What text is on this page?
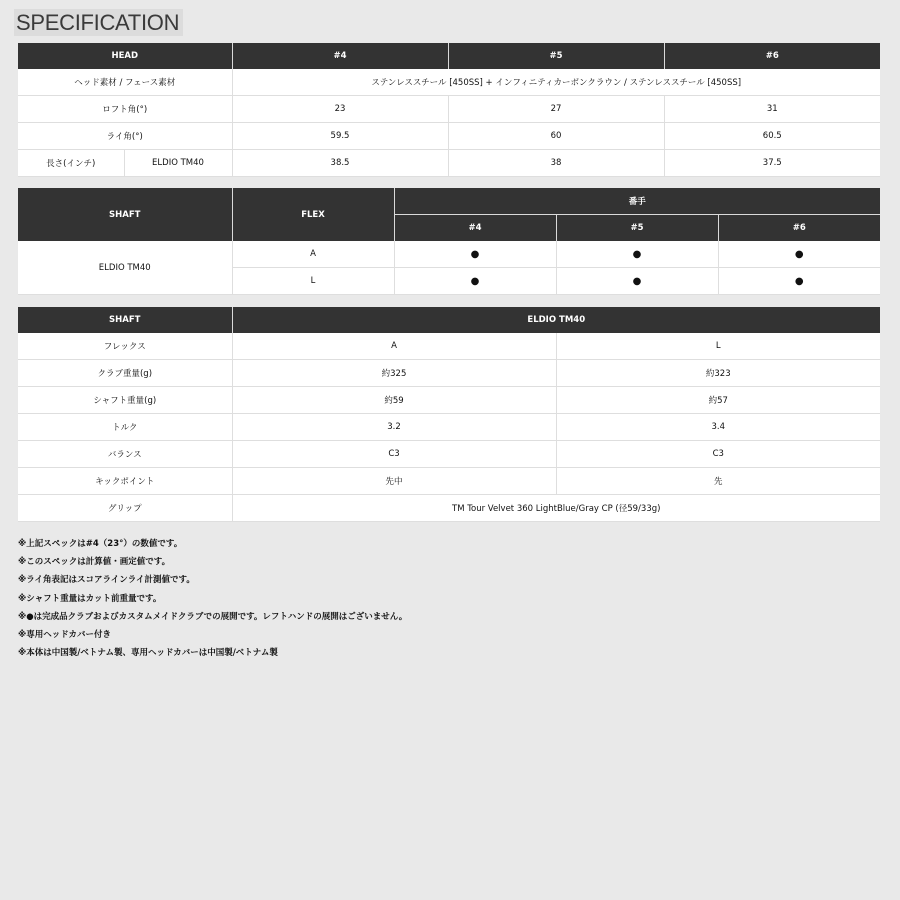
SPECIFICATION
HEAD		#4	#5	#6
ヘッド素材 / フェース素材		ステンレススチール [450SS] + インフィニティカーボンクラウン / ステンレススチール [450SS]		
ロフト角(°)		23	27	31
ライ角(°)		59.5	60	60.5
長さ(インチ)	ELDIO TM40	38.5	38	37.5
SHAFT	FLEX	番手		
		#4	#5	#6
ELDIO TM40	A	●	●	●
	L	●	●	●
SHAFT	ELDIO TM40	
フレックス	A	L
クラブ重量(g)	約325	約323
シャフト重量(g)	約59	約57
トルク	3.2	3.4
バランス	C3	C3
キックポイント	先中	先
グリップ	TM Tour Velvet 360 LightBlue/Gray CP (径59/33g)	
※上記スペックは#4（23°）の数値です。
※このスペックは計算値・画定値です。
※ライ角表記はスコアラインライ計測値です。
※シャフト重量はカット前重量です。
※●は完成品クラブおよびカスタムメイドクラブでの展開です。レフトハンドの展開はございません。
※専用ヘッドカバー付き
※本体は中国製/ベトナム製、専用ヘッドカバーは中国製/ベトナム製
